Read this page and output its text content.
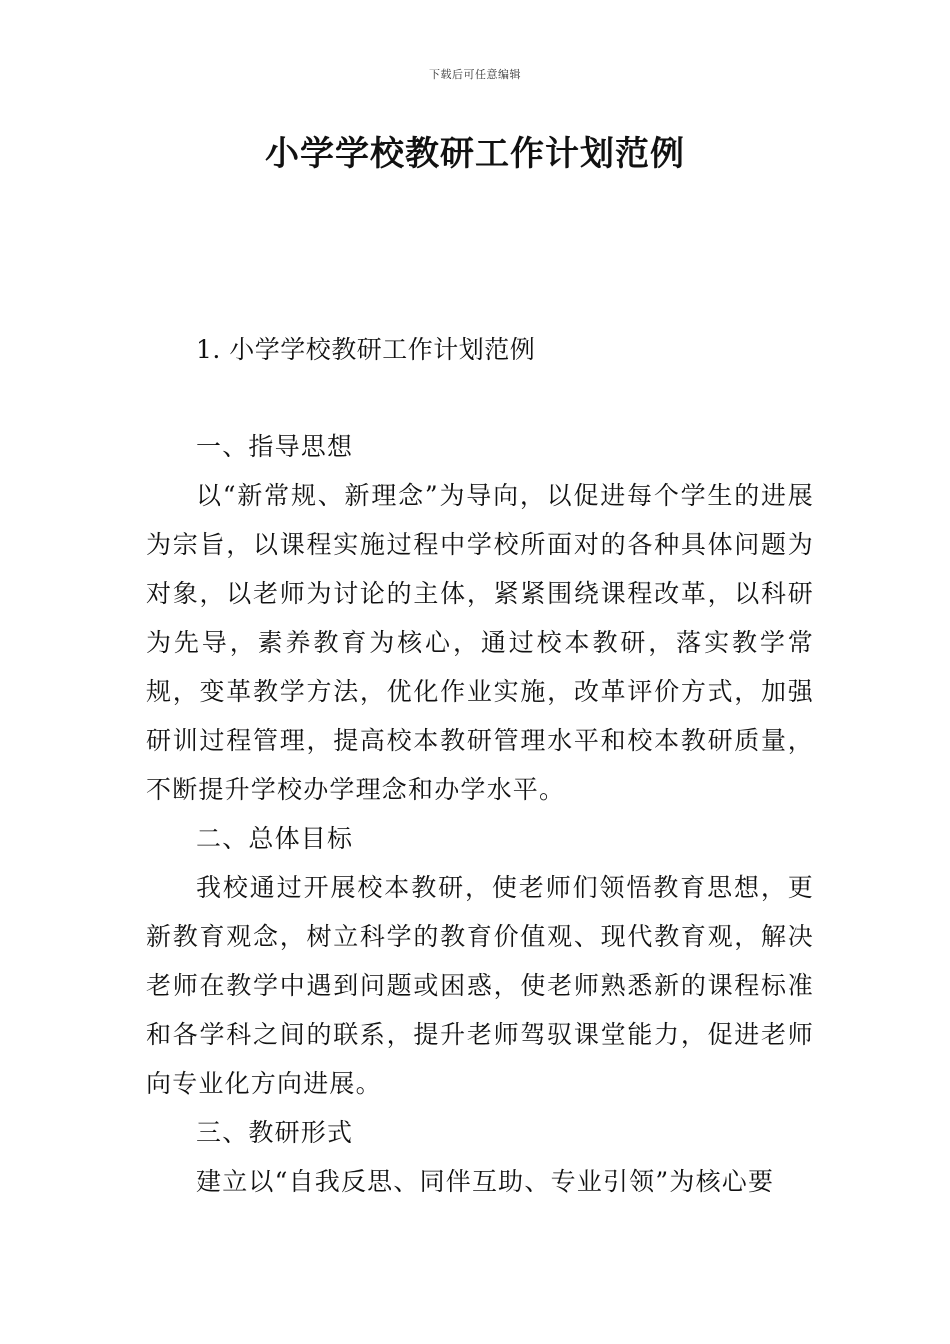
下载后可任意编辑
小学学校教研工作计划范例
1. 小学学校教研工作计划范例

一、指导思想

以“新常规、新理念”为导向，以促进每个学生的进展为宗旨，以课程实施过程中学校所面对的各种具体问题为对象，以老师为讨论的主体，紧紧围绕课程改革，以科研为先导，素养教育为核心，通过校本教研，落实教学常规，变革教学方法，优化作业实施，改革评价方式，加强研训过程管理，提高校本教研管理水平和校本教研质量，不断提升学校办学理念和办学水平。

二、总体目标

我校通过开展校本教研，使老师们领悟教育思想，更新教育观念，树立科学的教育价值观、现代教育观，解决老师在教学中遇到问题或困惑，使老师熟悉新的课程标准和各学科之间的联系，提升老师驾驭课堂能力，促进老师向专业化方向进展。

三、教研形式

建立以“自我反思、同伴互助、专业引领”为核心要
